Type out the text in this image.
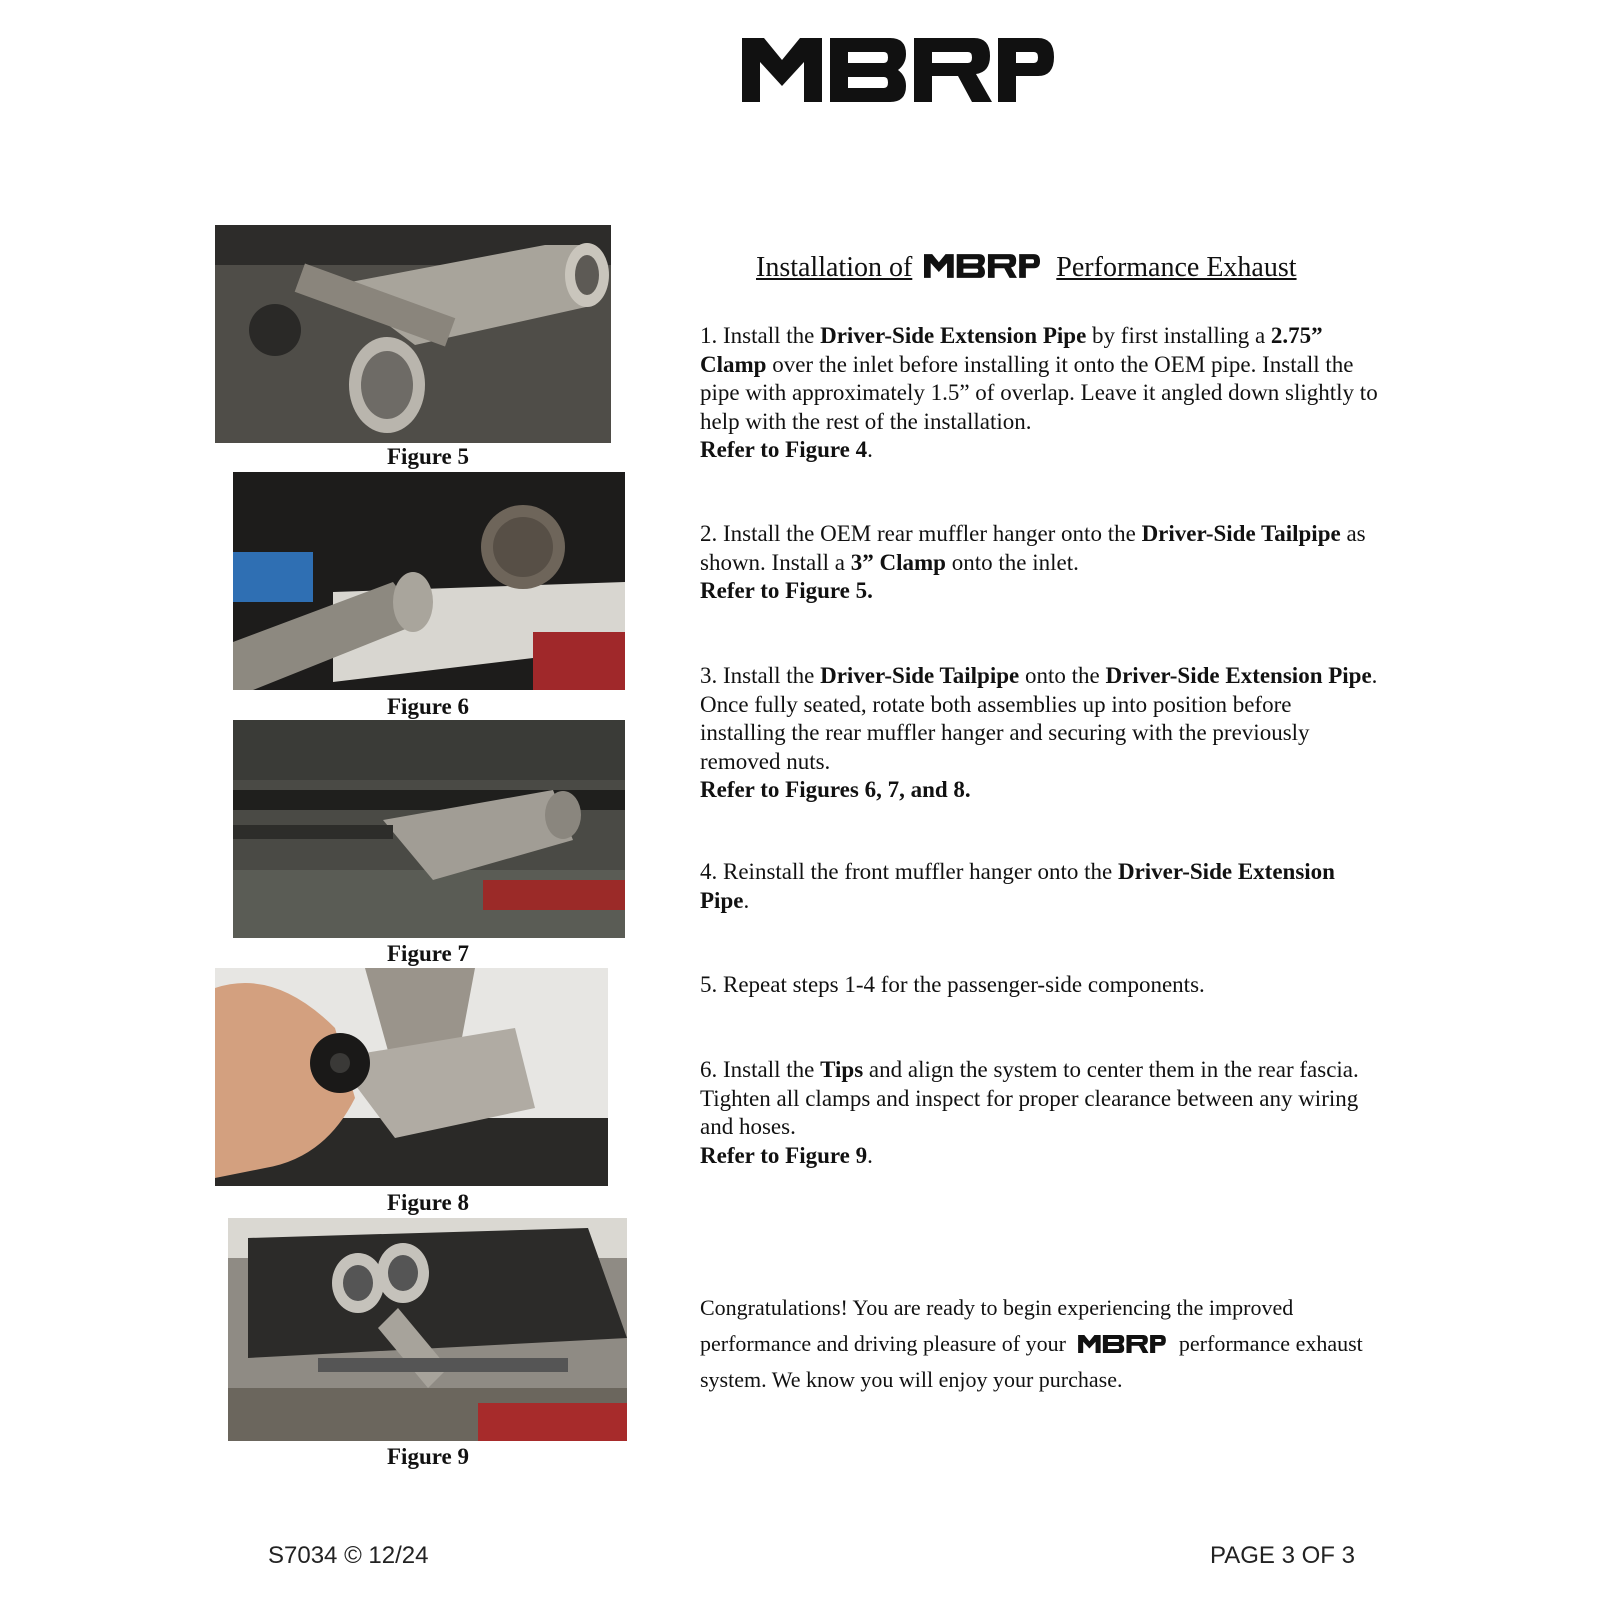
Figure 5
Figure 6
Figure 7
Figure 8
Figure 9
Installation of	Performance Exhaust
1. Install the Driver-Side Extension Pipe by first installing a 2.75” Clamp over the inlet before installing it onto the OEM pipe. Install the pipe with approximately 1.5” of overlap. Leave it angled down slightly to help with the rest of the installation.
Refer to Figure 4.
2. Install the OEM rear muffler hanger onto the Driver-Side Tailpipe as shown. Install a 3” Clamp onto the inlet.
Refer to Figure 5.
3. Install the Driver-Side Tailpipe onto the Driver-Side Extension Pipe. Once fully seated, rotate both assemblies up into position before installing the rear muffler hanger and securing with the previously removed nuts.
Refer to Figures 6, 7, and 8.
4. Reinstall the front muffler hanger onto the Driver-Side Extension Pipe.
5. Repeat steps 1-4 for the passenger-side components.
6. Install the Tips and align the system to center them in the rear fascia. Tighten all clamps and inspect for proper clearance between any wiring and hoses.
Refer to Figure 9.
Congratulations! You are ready to begin experiencing the improved performance and driving pleasure of your	performance exhaust system. We know you will enjoy your purchase.
S7034 © 12/24	PAGE 3 OF 3
